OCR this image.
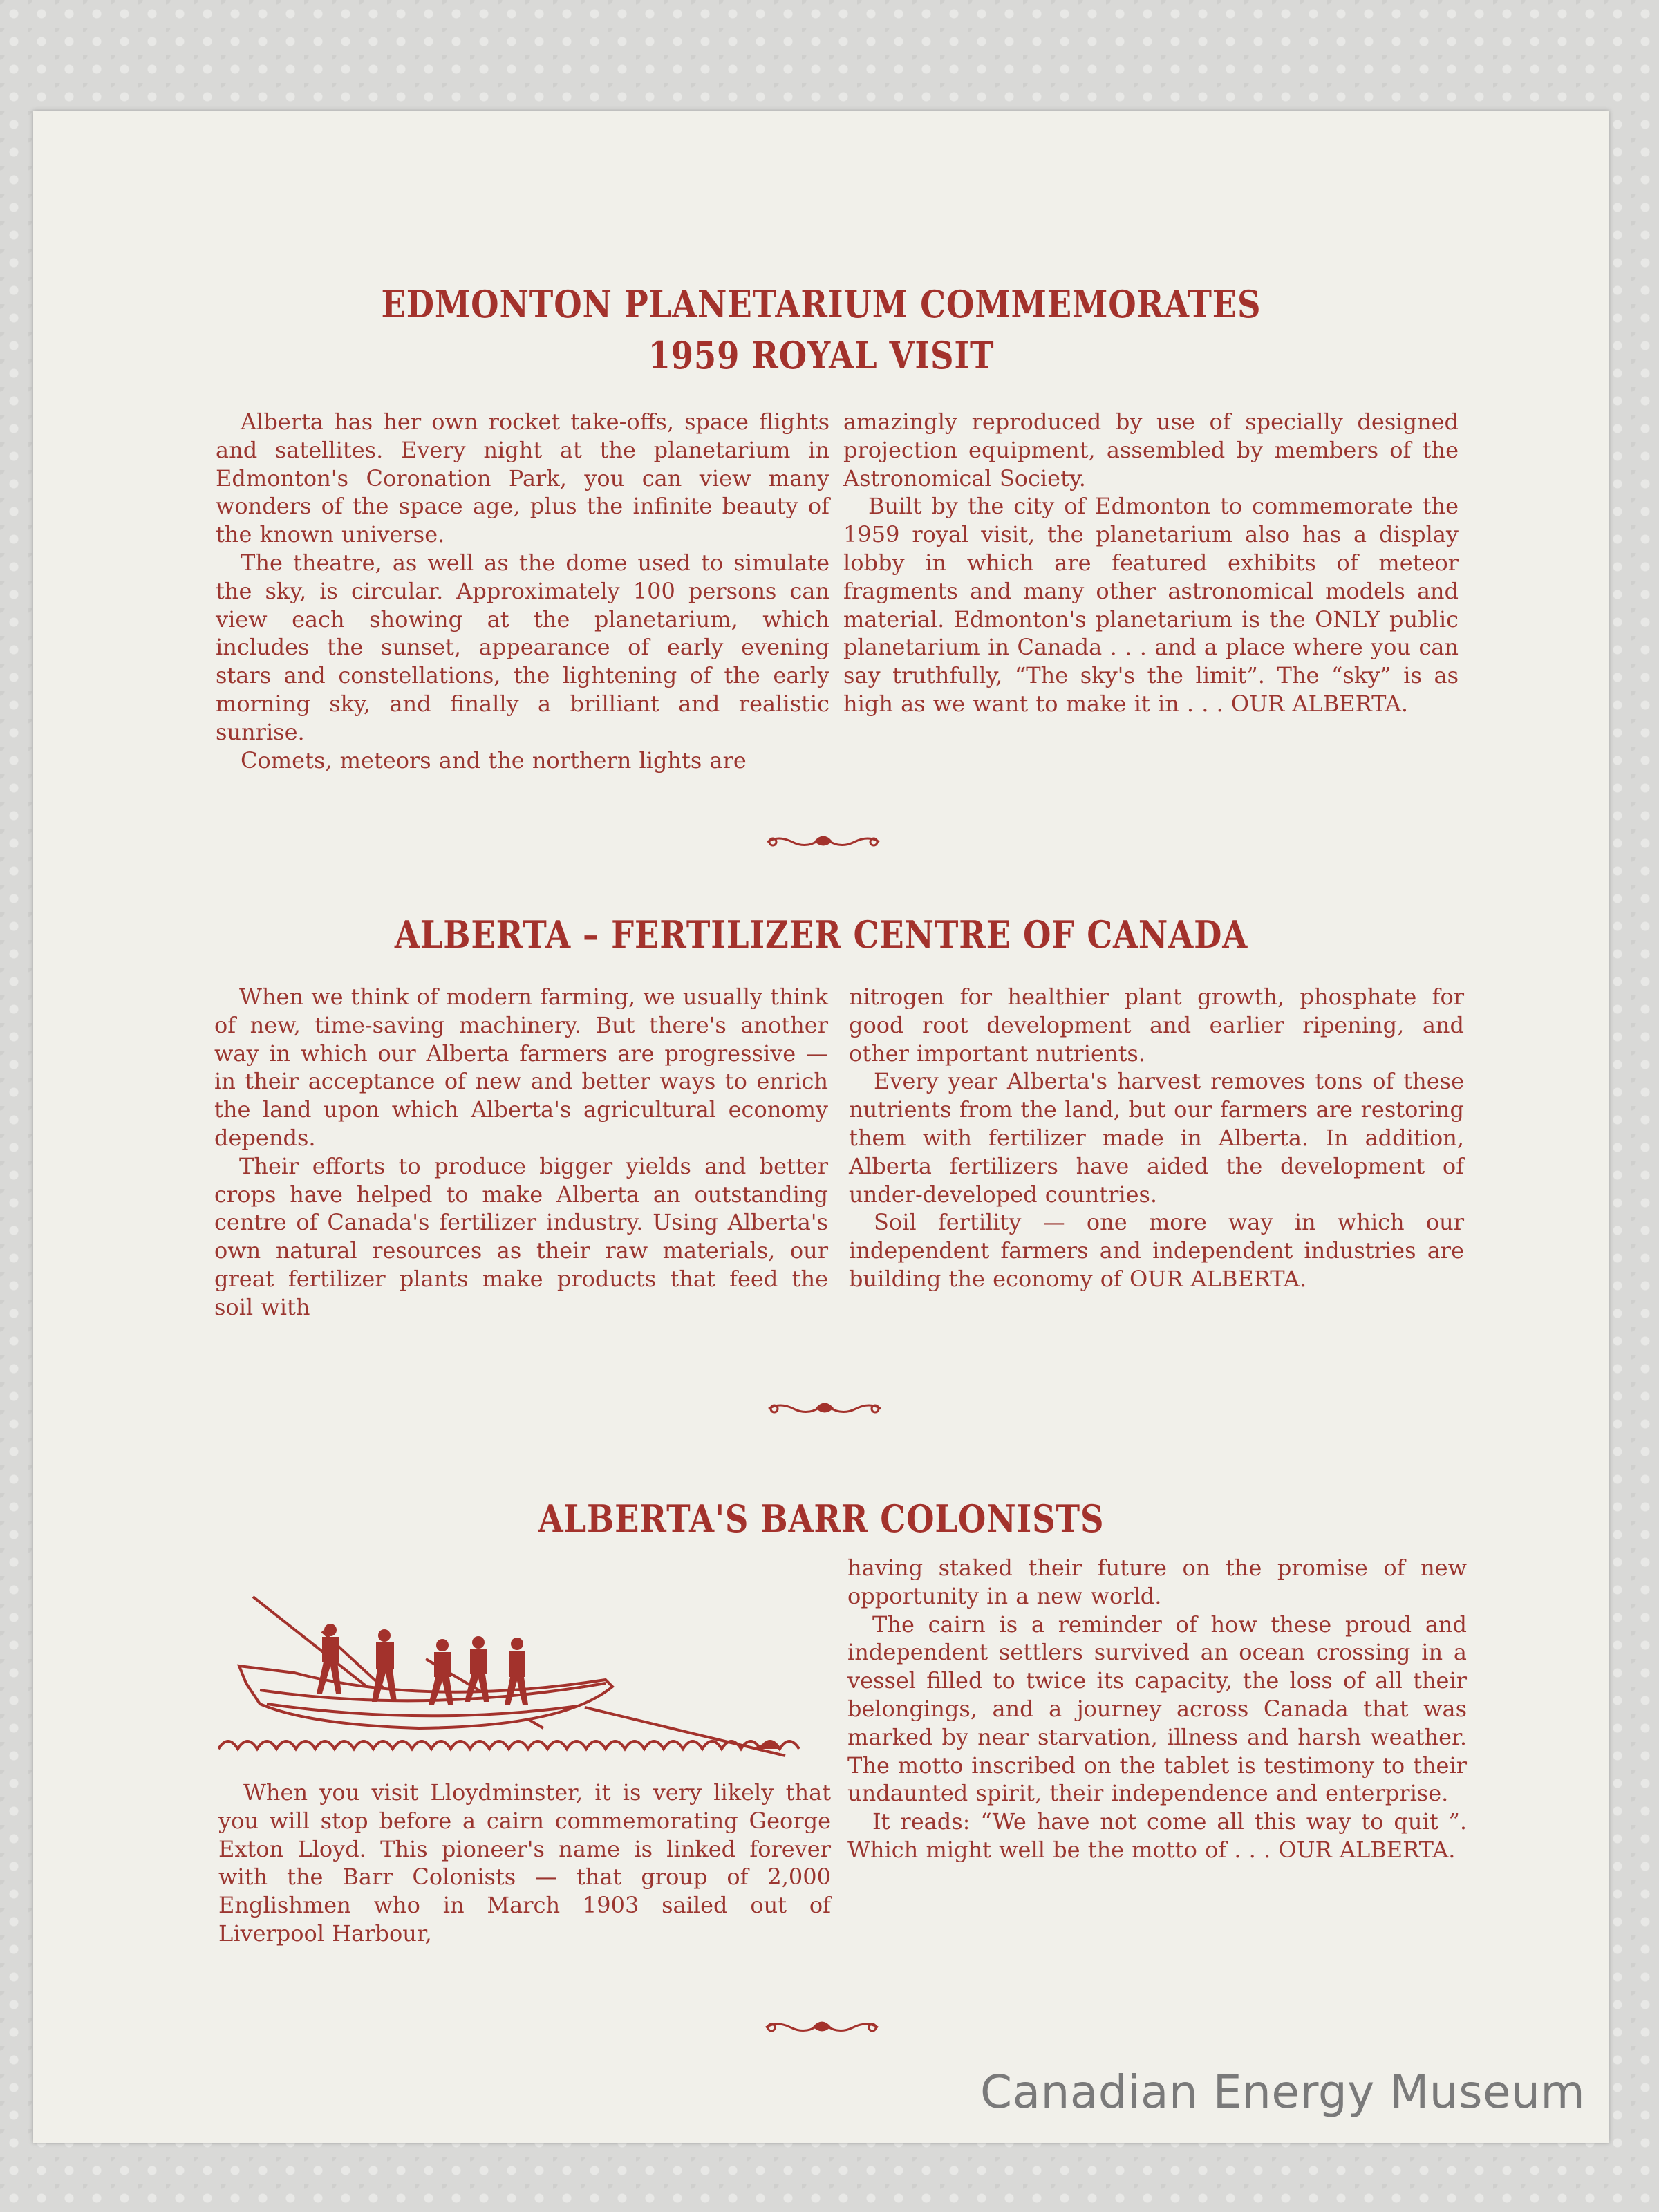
EDMONTON PLANETARIUM COMMEMORATES
1959 ROYAL VISIT

Alberta has her own rocket take-offs, space flights and satellites. Every night at the planetarium in Edmonton's Coronation Park, you can view many wonders of the space age, plus the infinite beauty of the known universe.

The theatre, as well as the dome used to simulate the sky, is circular. Approximately 100 persons can view each showing at the planetarium, which includes the sunset, appearance of early evening stars and constellations, the lightening of the early morning sky, and finally a brilliant and realistic sunrise.

Comets, meteors and the northern lights are

amazingly reproduced by use of specially designed projection equipment, assembled by members of the Astronomical Society.

Built by the city of Edmonton to commemorate the 1959 royal visit, the planetarium also has a display lobby in which are featured exhibits of meteor fragments and many other astronomical models and material. Edmonton's planetarium is the ONLY public planetarium in Canada . . . and a place where you can say truthfully, “The sky's the limit”. The “sky” is as high as we want to make it in . . . OUR ALBERTA.

ALBERTA – FERTILIZER CENTRE OF CANADA

When we think of modern farming, we usually think of new, time-saving machinery. But there's another way in which our Alberta farmers are progressive — in their acceptance of new and better ways to enrich the land upon which Alberta's agricultural economy depends.

Their efforts to produce bigger yields and better crops have helped to make Alberta an outstanding centre of Canada's fertilizer industry. Using Alberta's own natural resources as their raw materials, our great fertilizer plants make products that feed the soil with

nitrogen for healthier plant growth, phosphate for good root development and earlier ripening, and other important nutrients.

Every year Alberta's harvest removes tons of these nutrients from the land, but our farmers are restoring them with fertilizer made in Alberta. In addition, Alberta fertilizers have aided the development of under-developed countries.

Soil fertility — one more way in which our independent farmers and independent industries are building the economy of OUR ALBERTA.

ALBERTA'S BARR COLONISTS

When you visit Lloydminster, it is very likely that you will stop before a cairn commemorating George Exton Lloyd. This pioneer's name is linked forever with the Barr Colonists — that group of 2,000 Englishmen who in March 1903 sailed out of Liverpool Harbour,

having staked their future on the promise of new opportunity in a new world.

The cairn is a reminder of how these proud and independent settlers survived an ocean crossing in a vessel filled to twice its capacity, the loss of all their belongings, and a journey across Canada that was marked by near starvation, illness and harsh weather. The motto inscribed on the tablet is testimony to their undaunted spirit, their independence and enterprise.

It reads: “We have not come all this way to quit ”. Which might well be the motto of . . . OUR ALBERTA.

Canadian Energy Museum
